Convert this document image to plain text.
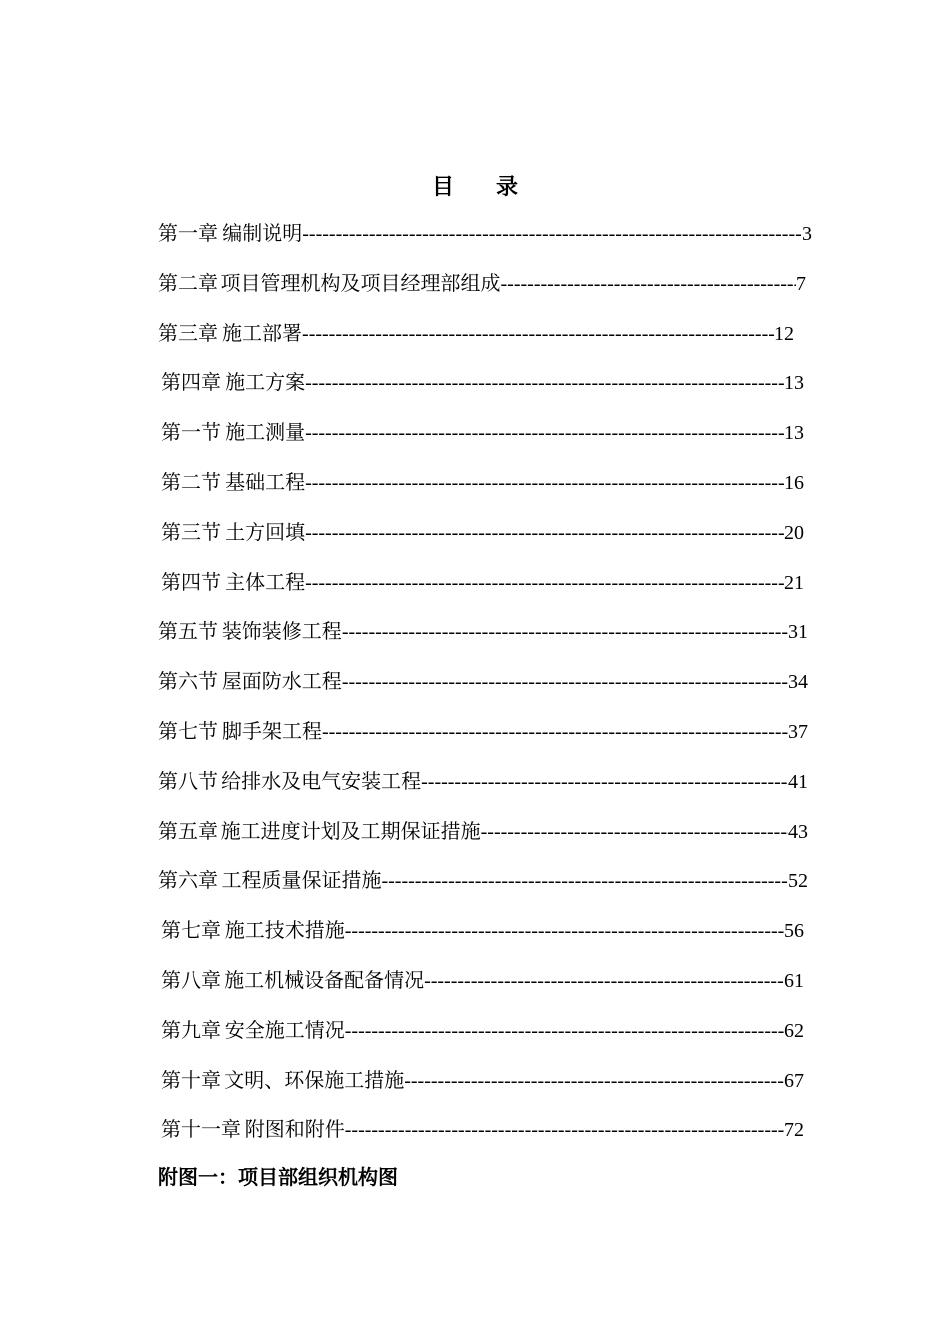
目 录
第一章 编制说明 -----	3
第二章 项目管理机构及项目经理部组成 -----	7
第三章 施工部署 -----	12
第四章 施工方案 -----	13
第一节 施工测量 -----	13
第二节 基础工程 -----	16
第三节 土方回填 -----	20
第四节 主体工程 -----	21
第五节 装饰装修工程 -----	31
第六节 屋面防水工程 -----	34
第七节 脚手架工程 -----	37
第八节 给排水及电气安装工程 -----	41
第五章 施工进度计划及工期保证措施 -----	43
第六章 工程质量保证措施 -----	52
第七章 施工技术措施 -----	56
第八章 施工机械设备配备情况 -----	61
第九章 安全施工情况 -----	62
第十章 文明、环保施工措施 -----	67
第十一章 附图和附件 -----	72
附图一：项目部组织机构图
